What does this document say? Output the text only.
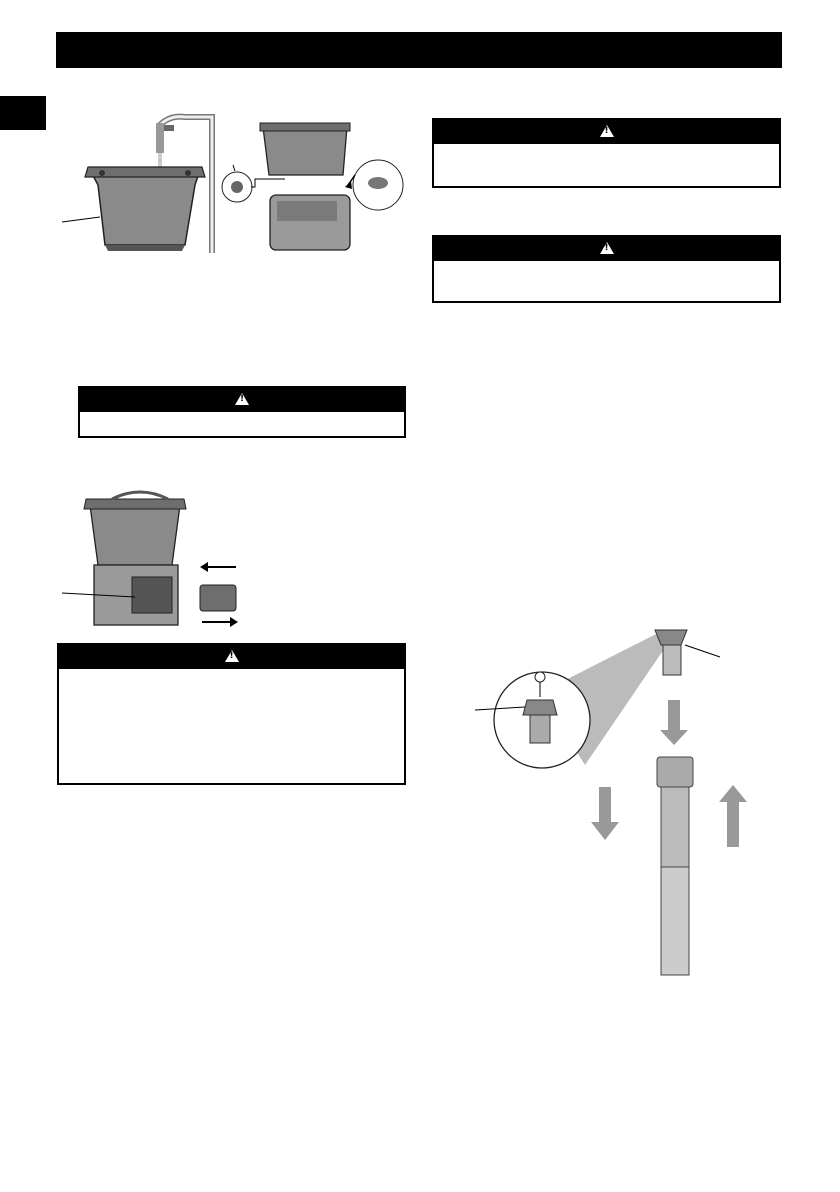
!
!
!
!
